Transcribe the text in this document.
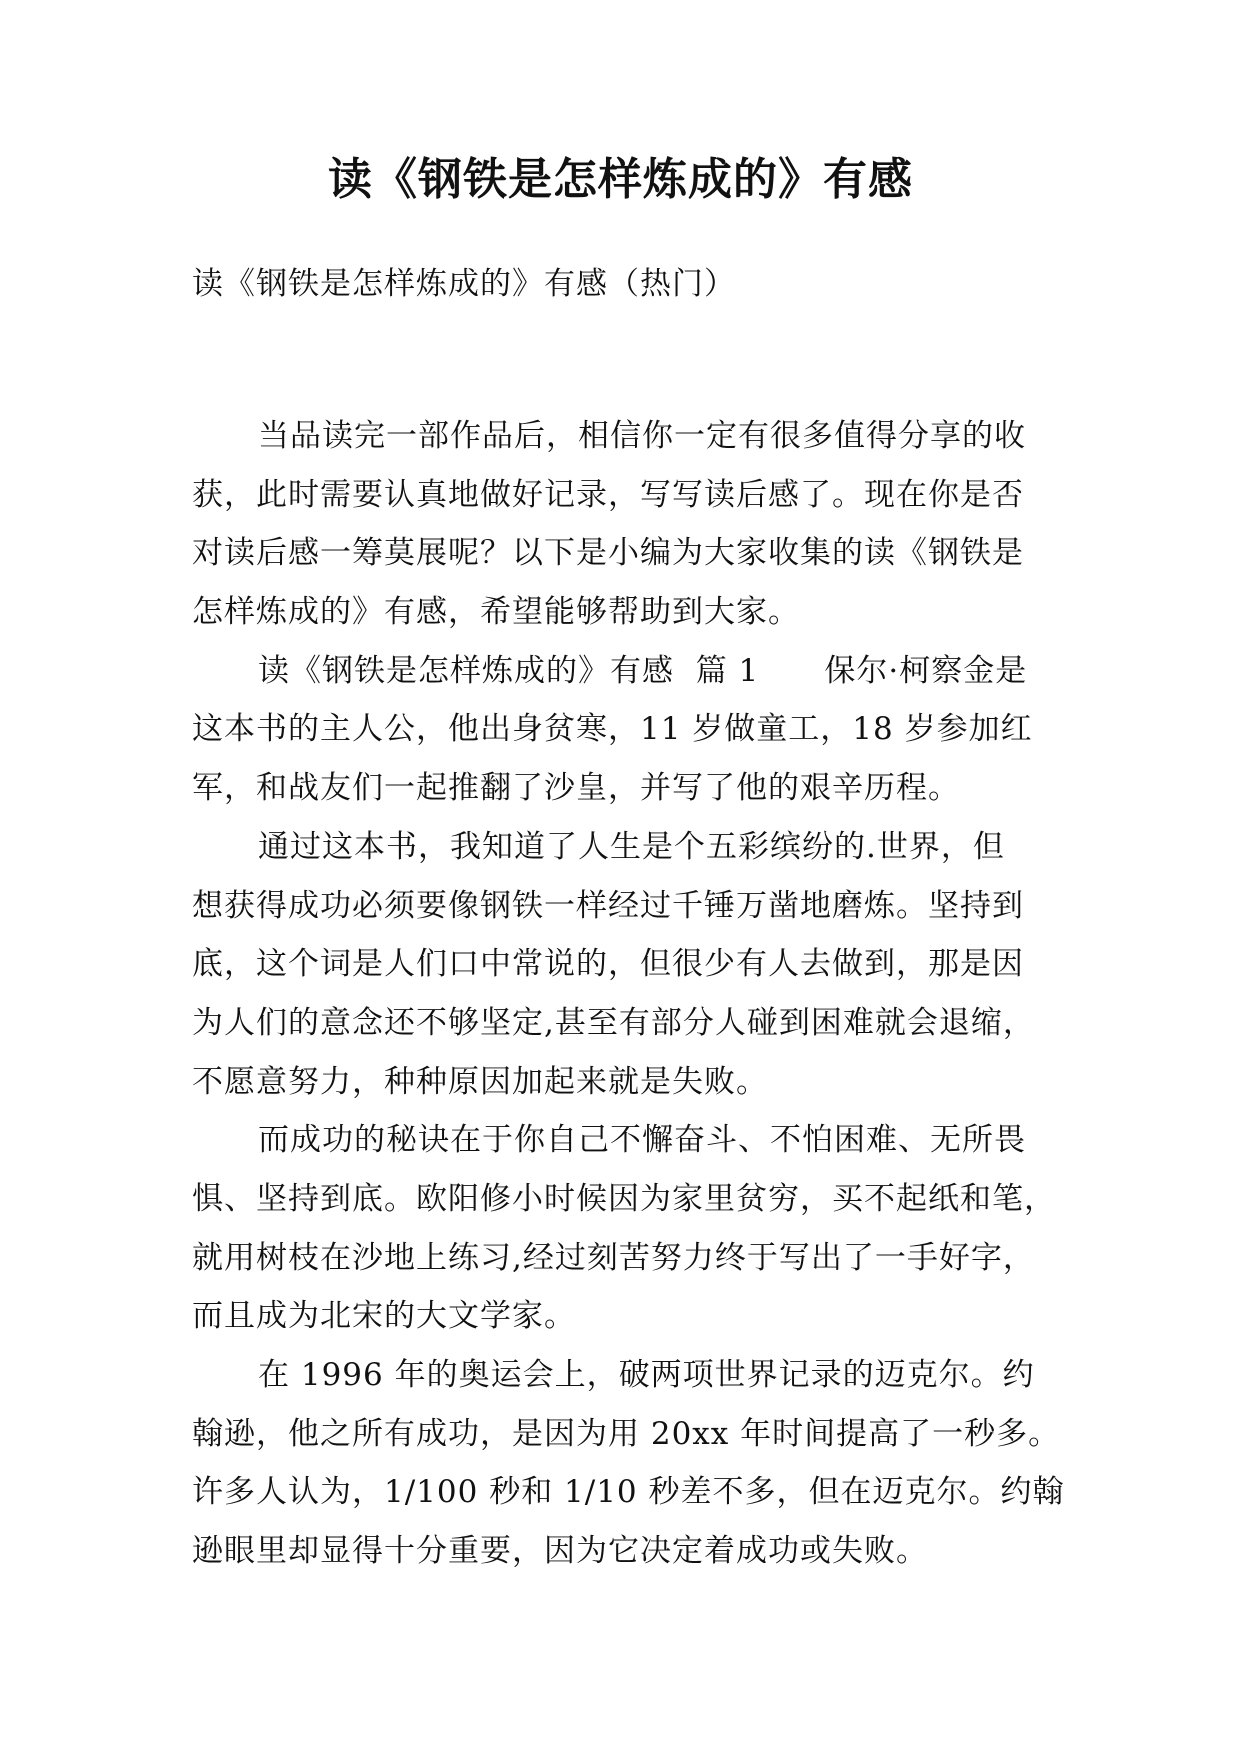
读《钢铁是怎样炼成的》有感
读《钢铁是怎样炼成的》有感（热门）

当品读完一部作品后，相信你一定有很多值得分享的收
获，此时需要认真地做好记录，写写读后感了。现在你是否
对读后感一筹莫展呢？以下是小编为大家收集的读《钢铁是
怎样炼成的》有感，希望能够帮助到大家。

读《钢铁是怎样炼成的》有感  篇 1      保尔·柯察金是
这本书的主人公，他出身贫寒，11 岁做童工，18 岁参加红
军，和战友们一起推翻了沙皇，并写了他的艰辛历程。

通过这本书，我知道了人生是个五彩缤纷的.世界，但
想获得成功必须要像钢铁一样经过千锤万凿地磨炼。坚持到
底，这个词是人们口中常说的，但很少有人去做到，那是因
为人们的意念还不够坚定,甚至有部分人碰到困难就会退缩，
不愿意努力，种种原因加起来就是失败。

而成功的秘诀在于你自己不懈奋斗、不怕困难、无所畏
惧、坚持到底。欧阳修小时候因为家里贫穷，买不起纸和笔，
就用树枝在沙地上练习,经过刻苦努力终于写出了一手好字，
而且成为北宋的大文学家。

在 1996 年的奥运会上，破两项世界记录的迈克尔。约
翰逊，他之所有成功，是因为用 20xx 年时间提高了一秒多。
许多人认为，1/100 秒和 1/10 秒差不多，但在迈克尔。约翰
逊眼里却显得十分重要，因为它决定着成功或失败。
